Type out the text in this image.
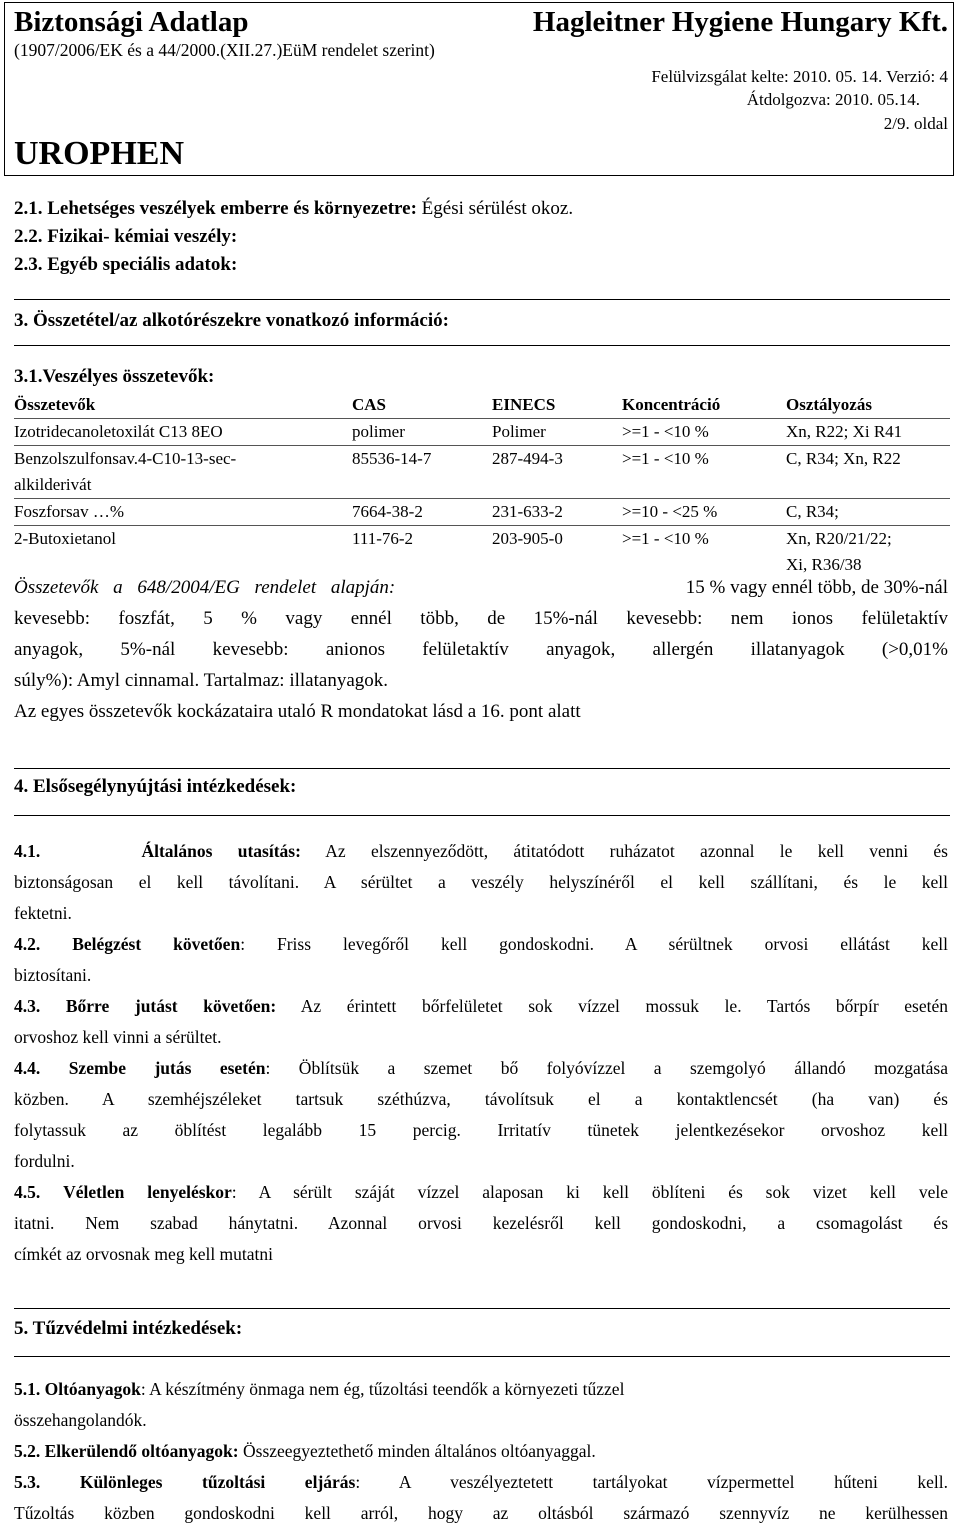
Biztonsági Adatlap
(1907/2006/EK és a 44/2000.(XII.27.)EüM rendelet szerint)
Hagleitner Hygiene Hungary Kft.
Felülvizsgálat kelte: 2010. 05. 14. Verzió: 4
Átdolgozva: 2010. 05.14.
2/9. oldal
UROPHEN
2.1. Lehetséges veszélyek emberre és környezetre: Égési sérülést okoz.
2.2. Fizikai- kémiai veszély:
2.3. Egyéb speciális adatok:
3. Összetétel/az alkotórészekre vonatkozó információ:
3.1.Veszélyes összetevők:
Összetevők	CAS	EINECS	Koncentráció	Osztályozás
Izotridecanoletoxilát C13 8EO	polimer	Polimer	>=1 - <10 %	Xn, R22; Xi R41
Benzolszulfonsav.4-C10-13-sec-	85536-14-7	287-494-3	>=1 - <10 %	C, R34; Xn, R22
alkilderivát				
Foszforsav …%	7664-38-2	231-633-2	>=10 - <25 %	C, R34;
2-Butoxietanol	111-76-2	203-905-0	>=1 - <10 %	Xn, R20/21/22;
				Xi, R36/38
Összetevők a 648/2004/EG rendelet alapján:	15 % vagy ennél több, de 30%-nál
kevesebb: foszfát, 5 % vagy ennél több, de 15%-nál kevesebb: nem ionos felületaktív
anyagok, 5%-nál kevesebb: anionos felületaktív anyagok, allergén illatanyagok (>0,01%
súly%): Amyl cinnamal. Tartalmaz: illatanyagok.
Az egyes összetevők kockázataira utaló R mondatokat lásd a 16. pont alatt
4. Elsősegélynyújtási intézkedések:
4.1.	Általános utasítás: Az elszennyeződött, átitatódott ruházatot azonnal le kell venni és
biztonságosan el kell távolítani. A sérültet a veszély helyszínéről el kell szállítani, és le kell
fektetni.
4.2. Belégzést követően: Friss levegőről kell gondoskodni. A sérültnek orvosi ellátást kell
biztosítani.
4.3. Bőrre jutást követően: Az érintett bőrfelületet sok vízzel mossuk le. Tartós bőrpír esetén
orvoshoz kell vinni a sérültet.
4.4. Szembe jutás esetén: Öblítsük a szemet bő folyóvízzel a szemgolyó állandó mozgatása
közben. A szemhéjszéleket tartsuk széthúzva, távolítsuk el a kontaktlencsét (ha van) és
folytassuk az öblítést legalább 15 percig. Irritatív tünetek jelentkezésekor orvoshoz kell
fordulni.
4.5. Véletlen lenyeléskor: A sérült száját vízzel alaposan ki kell öblíteni és sok vizet kell vele
itatni. Nem szabad hánytatni. Azonnal orvosi kezelésről kell gondoskodni, a csomagolást és
címkét az orvosnak meg kell mutatni
5. Tűzvédelmi intézkedések:
5.1. Oltóanyagok: A készítmény önmaga nem ég, tűzoltási teendők a környezeti tűzzel
összehangolandók.
5.2. Elkerülendő oltóanyagok: Összeegyeztethető minden általános oltóanyaggal.
5.3. Különleges tűzoltási eljárás: A veszélyeztetett tartályokat vízpermettel hűteni kell.
Tűzoltás közben gondoskodni kell arról, hogy az oltásból származó szennyvíz ne kerülhessen
